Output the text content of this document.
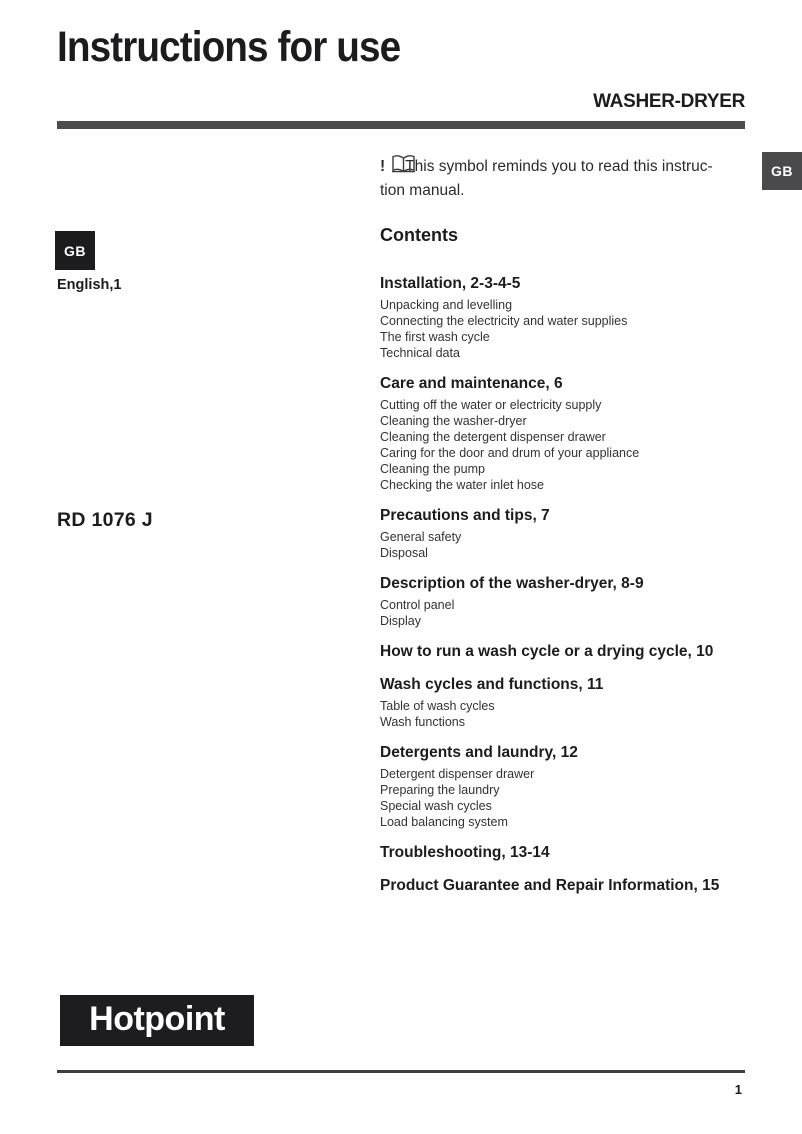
Instructions for use
WASHER-DRYER
GB
! This symbol reminds you to read this instruc-
tion manual.
GB
English,1
RD 1076 J
Contents
Installation, 2-3-4-5
Unpacking and levelling
Connecting the electricity and water supplies
The first wash cycle
Technical data
Care and maintenance, 6
Cutting off the water or electricity supply
Cleaning the washer-dryer
Cleaning the detergent dispenser drawer
Caring for the door and drum of your appliance
Cleaning the pump
Checking the water inlet hose
Precautions and tips, 7
General safety
Disposal
Description of the washer-dryer, 8-9
Control panel
Display
How to run a wash cycle or a drying cycle, 10
Wash cycles and functions, 11
Table of wash cycles
Wash functions
Detergents and laundry, 12
Detergent dispenser drawer
Preparing the laundry
Special wash cycles
Load balancing system
Troubleshooting, 13-14
Product Guarantee and Repair Information, 15
Hotpoint
1
